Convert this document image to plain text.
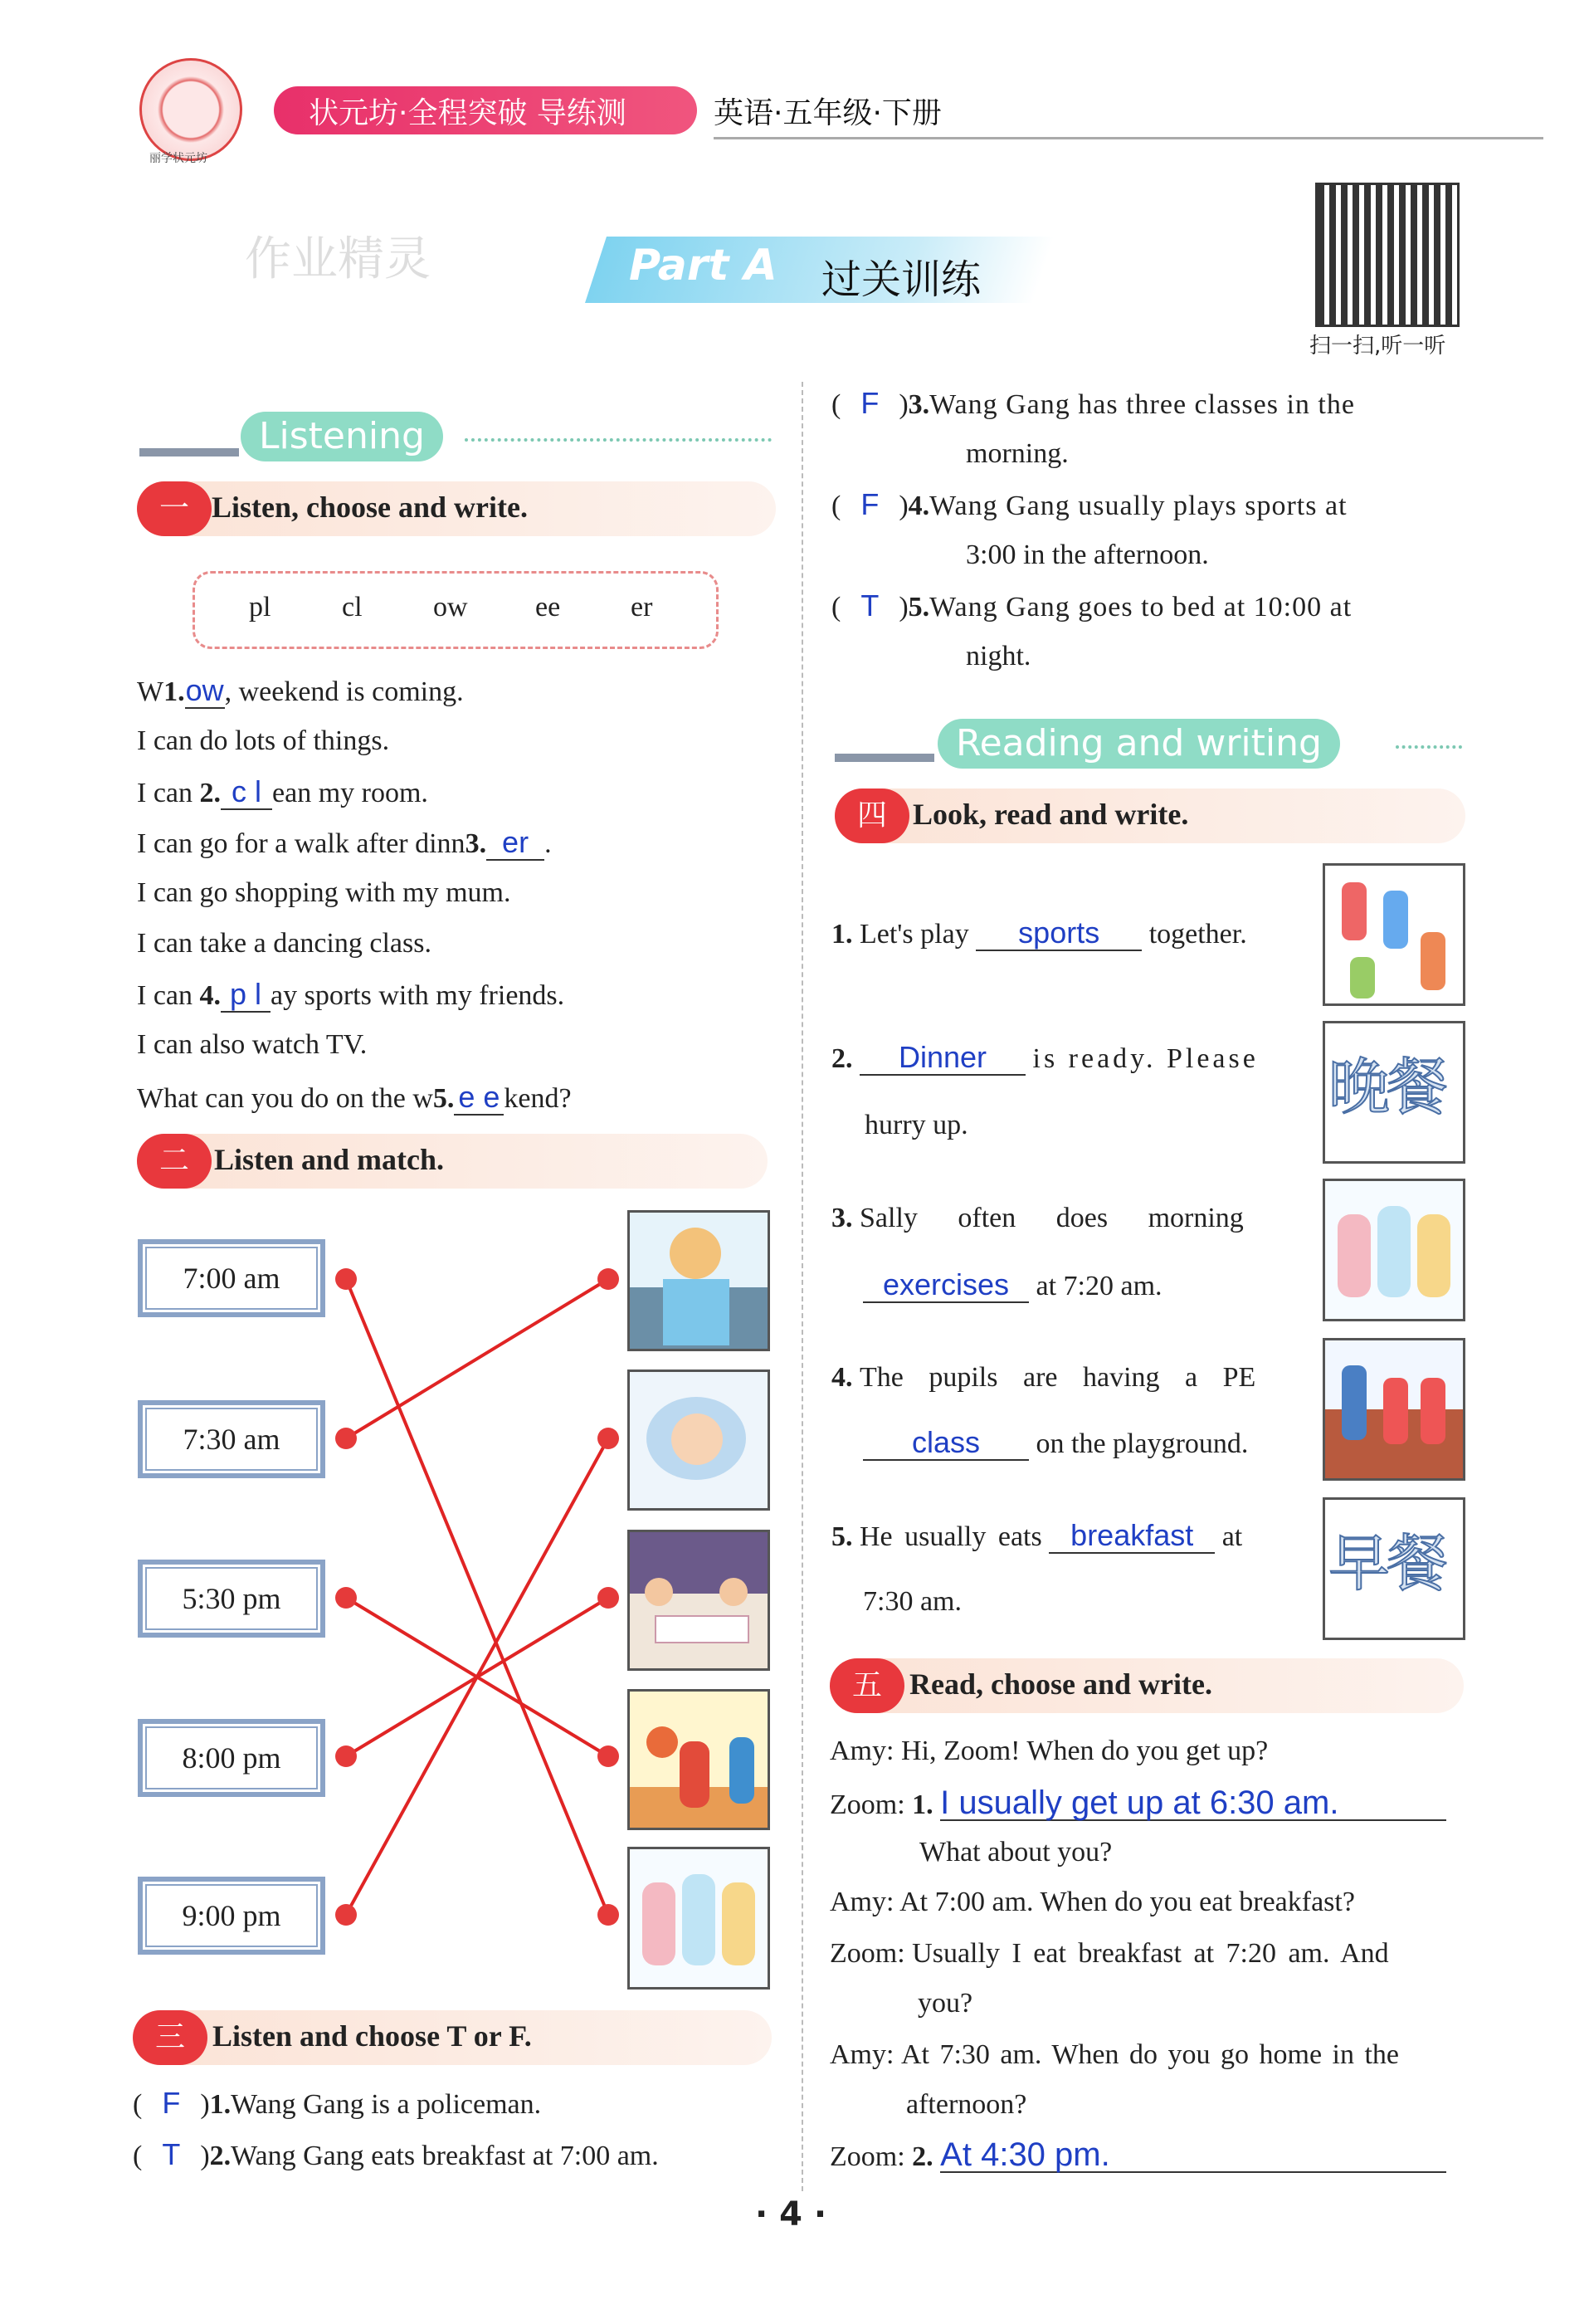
丽学状元坊
状元坊·全程突破 导练测	英语·五年级·下册
Part A 过关训练
作业精灵
扫一扫,听一听
Listening
一 Listen, choose and write.
pl	cl	ow ee er
W1.ow, weekend is coming.
I can do lots of things.
I can 2. c l ean my room.
I can go for a walk after dinn3. er .
I can go shopping with my mum.
I can take a dancing class.
I can 4. p l ay sports with my friends.
I can also watch TV.
What can you do on the w5. e e kend?
二 Listen and match.
7:00 am
7:30 am
5:30 pm
8:00 pm
9:00 pm
三 Listen and choose T or F.
( F )1.Wang Gang is a policeman.
( T )2.Wang Gang eats breakfast at 7:00 am.
( F )3.Wang Gang has three classes in the
morning.
( F )4.Wang Gang usually plays sports at
3:00 in the afternoon.
( T )5.Wang Gang goes to bed at 10:00 at
night.
Reading and writing
四 Look, read and write.
1. Let's play sports together.
2. Dinner is ready. Please
hurry up.
晚餐
3. Sally often does morning
exercises at 7:20 am.
4. The pupils are having a PE
class on the playground.
5. He usually eats breakfast at
7:30 am.
早餐
五 Read, choose and write.
Amy: Hi, Zoom! When do you get up?
Zoom: 1. I usually get up at 6:30 am.
What about you?
Amy: At 7:00 am. When do you eat breakfast?
Zoom: Usually I eat breakfast at 7:20 am. And
you?
Amy: At 7:30 am. When do you go home in the
afternoon?
Zoom: 2. At 4:30 pm.
· 4 ·
